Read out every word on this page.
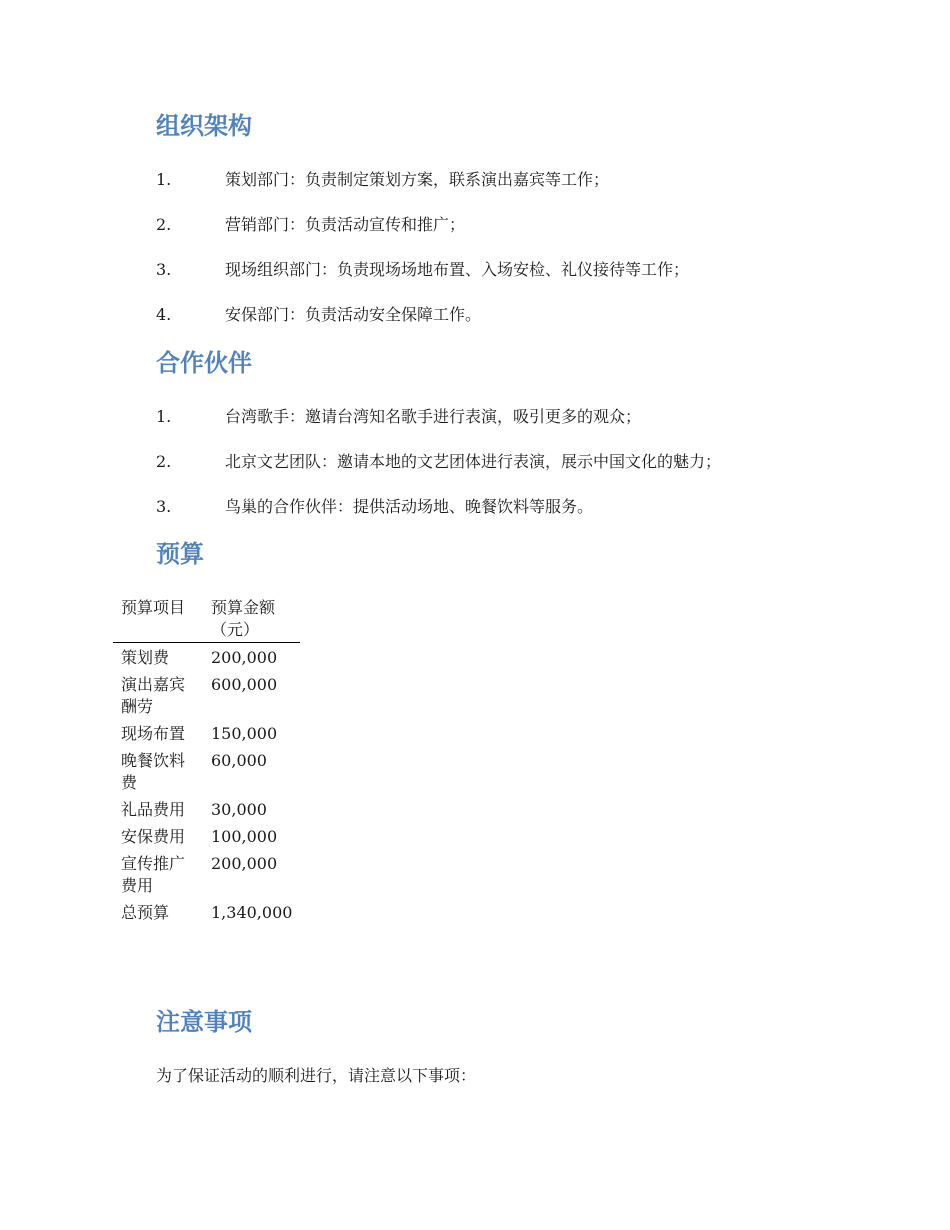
组织架构
1.	策划部门：负责制定策划方案，联系演出嘉宾等工作；
2.	营销部门：负责活动宣传和推广；
3.	现场组织部门：负责现场场地布置、入场安检、礼仪接待等工作；
4.	安保部门：负责活动安全保障工作。
合作伙伴
1.	台湾歌手：邀请台湾知名歌手进行表演，吸引更多的观众；
2.	北京文艺团队：邀请本地的文艺团体进行表演，展示中国文化的魅力；
3.	鸟巢的合作伙伴：提供活动场地、晚餐饮料等服务。
预算
预算项目	预算金额（元）
策划费	200,000
演出嘉宾酬劳	600,000
现场布置	150,000
晚餐饮料费	60,000
礼品费用	30,000
安保费用	100,000
宣传推广费用	200,000
总预算	1,340,000
注意事项

为了保证活动的顺利进行，请注意以下事项：
